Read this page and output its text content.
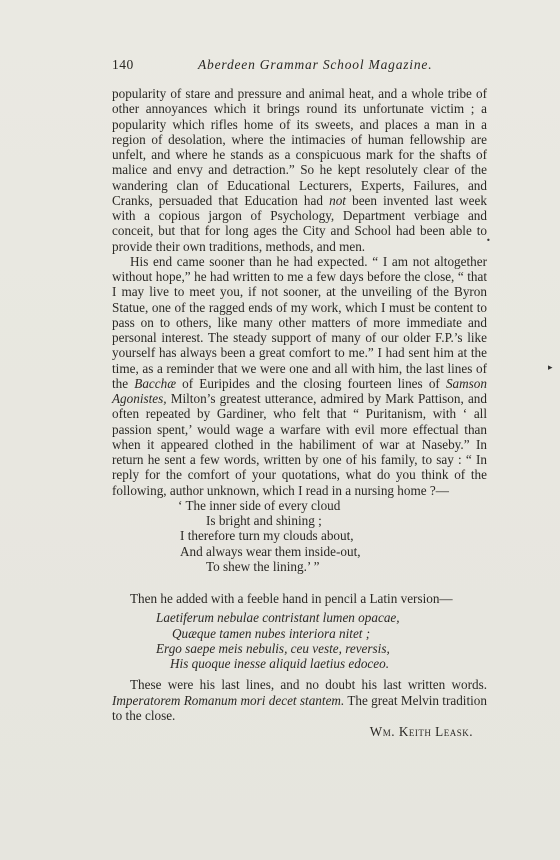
140	Aberdeen Grammar School Magazine.

popularity of stare and pressure and animal heat, and a whole tribe of other annoyances which it brings round its unfortunate victim ; a popularity which rifles home of its sweets, and places a man in a region of desolation, where the intimacies of human fellowship are unfelt, and where he stands as a conspicuous mark for the shafts of malice and envy and detraction.” So he kept resolutely clear of the wandering clan of Educational Lecturers, Experts, Failures, and Cranks, persuaded that Education had not been invented last week with a copious jargon of Psychology, Department verbiage and conceit, but that for long ages the City and School had been able to provide their own traditions, methods, and men.

His end came sooner than he had expected. “ I am not altogether without hope,” he had written to me a few days before the close, “ that I may live to meet you, if not sooner, at the unveiling of the Byron Statue, one of the ragged ends of my work, which I must be content to pass on to others, like many other matters of more immediate and personal interest. The steady support of many of our older F.P.’s like yourself has always been a great comfort to me.” I had sent him at the time, as a reminder that we were one and all with him, the last lines of the Bacchæ of Euripides and the closing fourteen lines of Samson Agonistes, Milton’s greatest utterance, admired by Mark Pattison, and often repeated by Gardiner, who felt that “ Puritanism, with ‘ all passion spent,’ would wage a warfare with evil more effectual than when it appeared clothed in the habiliment of war at Naseby.” In return he sent a few words, written by one of his family, to say : “ In reply for the comfort of your quotations, what do you think of the following, author unknown, which I read in a nursing home ?—

‘ The inner side of every cloud
Is bright and shining ;
I therefore turn my clouds about,
And always wear them inside-out,
To shew the lining.’ ”

Then he added with a feeble hand in pencil a Latin version—

Laetiferum nebulae contristant lumen opacae,
Quæque tamen nubes interiora nitet ;
Ergo saepe meis nebulis, ceu veste, reversis,
His quoque inesse aliquid laetius edoceo.

These were his last lines, and no doubt his last written words. Imperatorem Romanum mori decet stantem. The great Melvin tradition to the close.

Wm. Keith Leask.
•
▸
